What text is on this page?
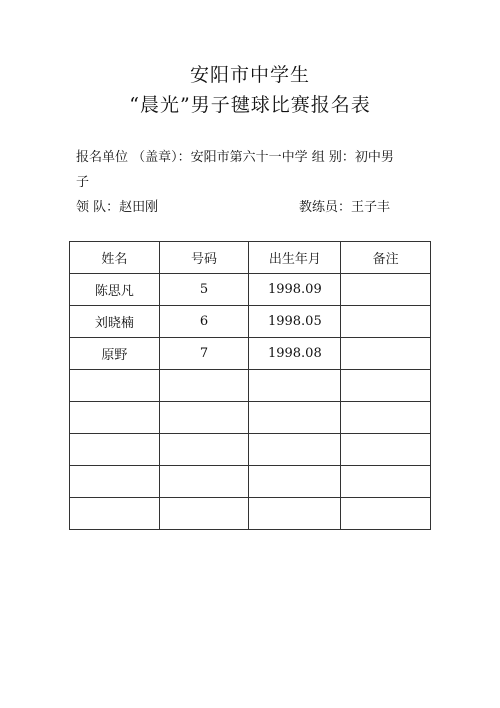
安阳市中学生
“晨光”男子毽球比赛报名表
报名单位 （盖章）：安阳市第六十一中学 组 别：初中男
子
领 队：赵田刚	教练员：王子丰
姓名	号码	出生年月	备注
陈思凡	5	1998.09	
刘晓楠	6	1998.05	
原野	7	1998.08	
